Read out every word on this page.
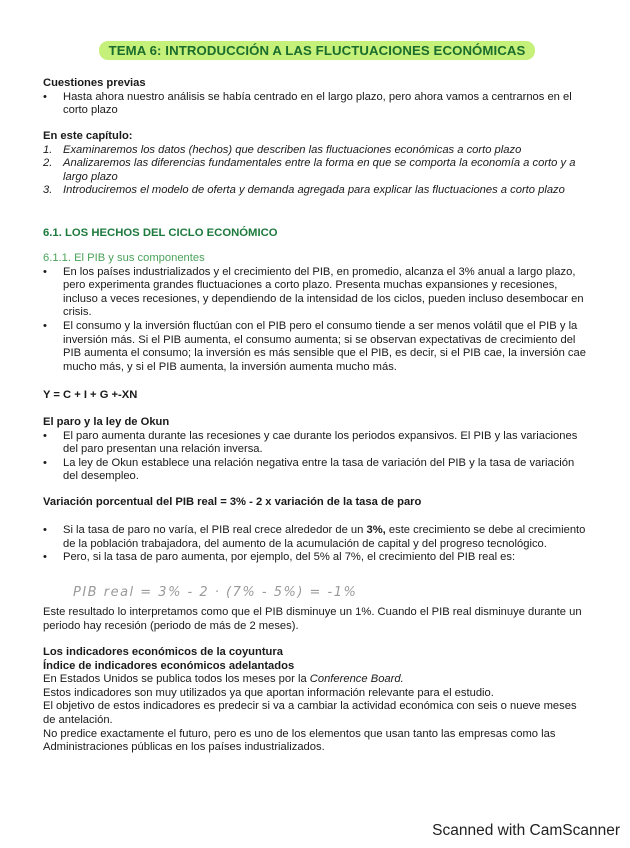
TEMA 6: INTRODUCCIÓN A LAS FLUCTUACIONES ECONÓMICAS
Cuestiones previas
•	Hasta ahora nuestro análisis se había centrado en el largo plazo, pero ahora vamos a centrarnos en el corto plazo
En este capítulo:
1. Examinaremos los datos (hechos) que describen las fluctuaciones económicas a corto plazo
2. Analizaremos las diferencias fundamentales entre la forma en que se comporta la economía a corto y a largo plazo
3. Introduciremos el modelo de oferta y demanda agregada para explicar las fluctuaciones a corto plazo
6.1. LOS HECHOS DEL CICLO ECONÓMICO
6.1.1. El PIB y sus componentes
•	En los países industrializados y el crecimiento del PIB, en promedio, alcanza el 3% anual a largo plazo, pero experimenta grandes fluctuaciones a corto plazo. Presenta muchas expansiones y recesiones, incluso a veces recesiones, y dependiendo de la intensidad de los ciclos, pueden incluso desembocar en crisis.
•	El consumo y la inversión fluctúan con el PIB pero el consumo tiende a ser menos volátil que el PIB y la inversión más. Si el PIB aumenta, el consumo aumenta; si se observan expectativas de crecimiento del PIB aumenta el consumo; la inversión es más sensible que el PIB, es decir, si el PIB cae, la inversión cae mucho más, y si el PIB aumenta, la inversión aumenta mucho más.
Y = C + I + G +-XN
El paro y la ley de Okun
•	El paro aumenta durante las recesiones y cae durante los periodos expansivos. El PIB y las variaciones del paro presentan una relación inversa.
•	La ley de Okun establece una relación negativa entre la tasa de variación del PIB y la tasa de variación del desempleo.
Variación porcentual del PIB real = 3% - 2 x variación de la tasa de paro
•	Si la tasa de paro no varía, el PIB real crece alrededor de un 3%, este crecimiento se debe al crecimiento de la población trabajadora, del aumento de la acumulación de capital y del progreso tecnológico.
•	Pero, si la tasa de paro aumenta, por ejemplo, del 5% al 7%, el crecimiento del PIB real es:
PIB real = 3% - 2 · (7% - 5%) = -1%
Este resultado lo interpretamos como que el PIB disminuye un 1%. Cuando el PIB real disminuye durante un periodo hay recesión (periodo de más de 2 meses).
Los indicadores económicos de la coyuntura
Índice de indicadores económicos adelantados
En Estados Unidos se publica todos los meses por la Conference Board.
Estos indicadores son muy utilizados ya que aportan información relevante para el estudio.
El objetivo de estos indicadores es predecir si va a cambiar la actividad económica con seis o nueve meses de antelación.
No predice exactamente el futuro, pero es uno de los elementos que usan tanto las empresas como las Administraciones públicas en los países industrializados.
Scanned with CamScanner
